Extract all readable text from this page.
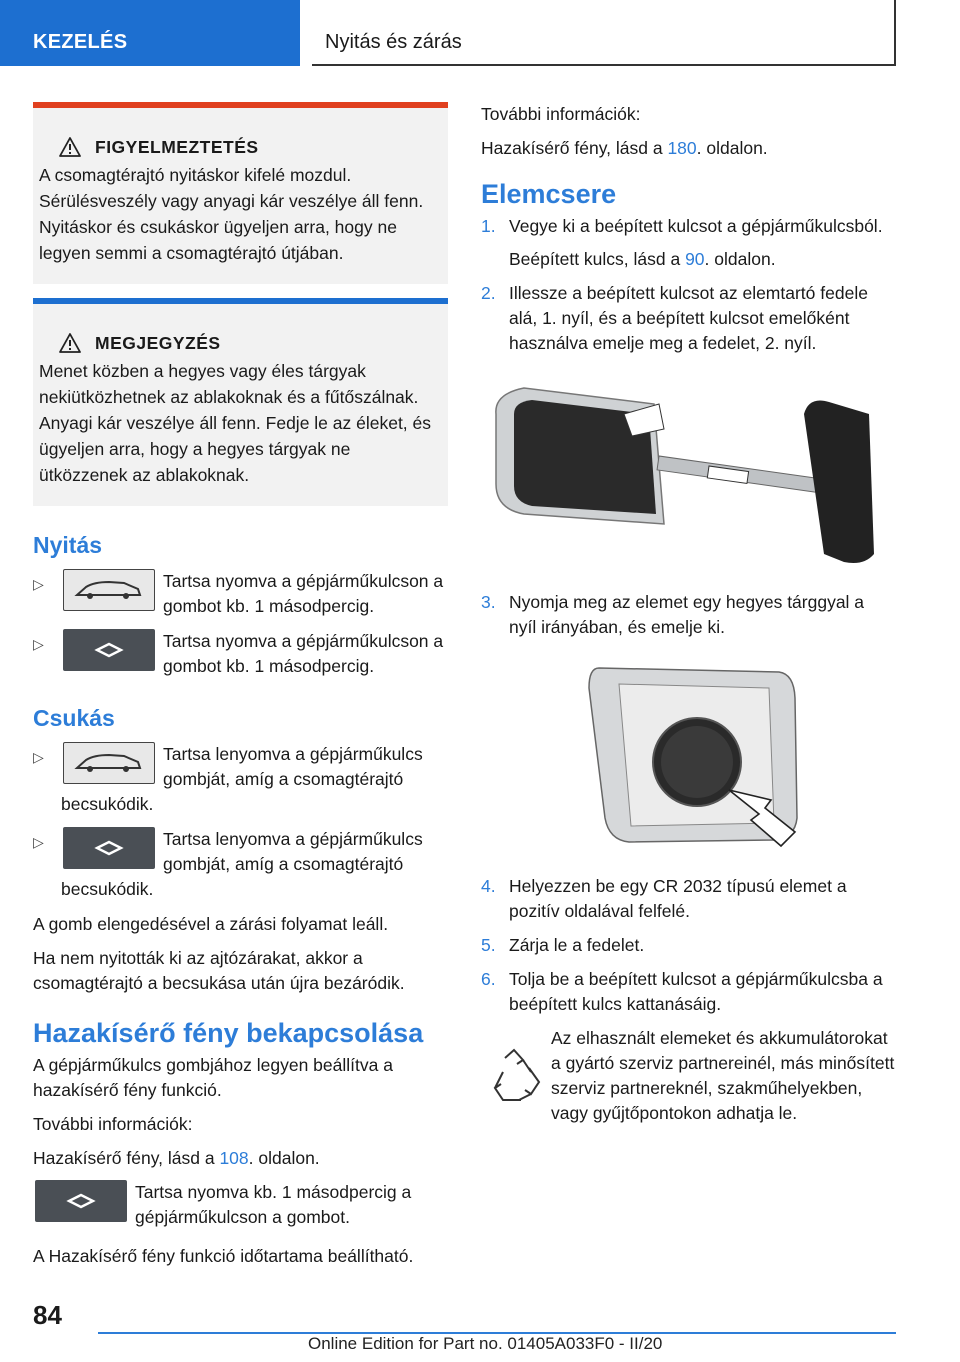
KEZELÉS	Nyitás és zárás
FIGYELMEZTETÉS
A csomagtérajtó nyitáskor kifelé mozdul. Sérülésveszély vagy anyagi kár veszélye áll fenn. Nyitáskor és csukáskor ügyeljen arra, hogy ne legyen semmi a csomagtérajtó útjában.
MEGJEGYZÉS
Menet közben a hegyes vagy éles tárgyak nekiütközhetnek az ablakoknak és a fűtőszálnak. Anyagi kár veszélye áll fenn. Fedje le az éleket, és ügyeljen arra, hogy a hegyes tárgyak ne ütközzenek az ablakoknak.
Nyitás
▷	Tartsa nyomva a gépjárműkulcson a gombot kb. 1 másodpercig.
▷	Tartsa nyomva a gépjárműkulcson a gombot kb. 1 másodpercig.
Csukás
▷	Tartsa lenyomva a gépjárműkulcs gombját, amíg a csomagtérajtó becsukódik.
▷	Tartsa lenyomva a gépjárműkulcs gombját, amíg a csomagtérajtó becsukódik.

A gomb elengedésével a zárási folyamat leáll.

Ha nem nyitották ki az ajtózárakat, akkor a csomagtérajtó a becsukása után újra bezáródik.

Hazakísérő fény bekapcsolása

A gépjárműkulcs gombjához legyen beállítva a hazakísérő fény funkció.

További információk:

Hazakísérő fény, lásd a 108. oldalon.

Tartsa nyomva kb. 1 másodpercig a gépjárműkulcson a gombot.

A Hazakísérő fény funkció időtartama beállítható.

További információk:

Hazakísérő fény, lásd a 180. oldalon.

Elemcsere
1. Vegye ki a beépített kulcsot a gépjárműkulcsból.
Beépített kulcs, lásd a 90. oldalon.
2. Illessze a beépített kulcsot az elemtartó fedele alá, 1. nyíl, és a beépített kulcsot emelőként használva emelje meg a fedelet, 2. nyíl.
3. Nyomja meg az elemet egy hegyes tárggyal a nyíl irányában, és emelje ki.
4. Helyezzen be egy CR 2032 típusú elemet a pozitív oldalával felfelé.
5. Zárja le a fedelet.
6. Tolja be a beépített kulcsot a gépjárműkulcsba a beépített kulcs kattanásáig.
Az elhasznált elemeket és akkumulátorokat a gyártó szerviz partnereinél, más minősített szerviz partnereknél, szakműhelyekben, vagy gyűjtőpontokon adhatja le.
84
Online Edition for Part no. 01405A033F0 - II/20
